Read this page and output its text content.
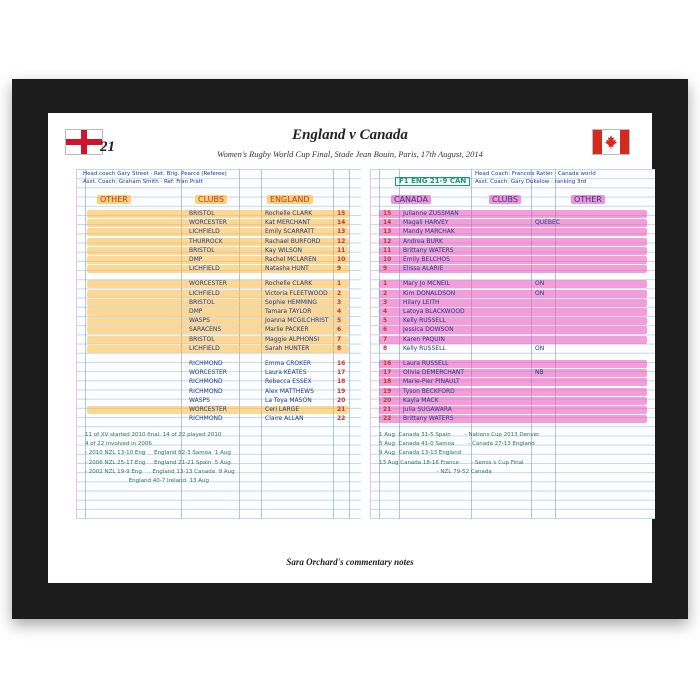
21
England v Canada
Women's Rugby World Cup Final, Stade Jean Bouin, Paris, 17th August, 2014
Head coach Gary Street · Ret. Brig. Pearce (Referee)
Asst. Coach: Graham Smith · Ref: Fran Pratt
OTHER	CLUBS	ENGLAND
BRISTOL	Rochelle CLARK	15
WORCESTER	Kat MERCHANT	14
LICHFIELD	Emily SCARRATT	13
THURROCK	Rachael BURFORD	12
BRISTOL	Kay WILSON	11
DMP	Rachel MCLAREN	10
LICHFIELD	Natasha HUNT	9
WORCESTER	Rochelle CLARK	1
LICHFIELD	Victoria FLEETWOOD 2
BRISTOL	Sophie HEMMING	3
DMP	Tamara TAYLOR	4
WASPS	Joanna MCGILCHRIST 5
SARACENS	Marlie PACKER	6
BRISTOL	Maggie ALPHONSI	7
LICHFIELD	Sarah HUNTER	8
RICHMOND	Emma CROKER	16
WORCESTER	Laura KEATES	17
RICHMOND	Rebecca ESSEX	18
RICHMOND	Alex MATTHEWS	19
WASPS	La Toya MASON	20
WORCESTER	Ceri LARGE	21
RICHMOND	Claire ALLAN	22
11 of XV started 2010 final. 14 of 22 played 2010
4 of 22 involved in 2006
- 2010 NZL 13-10 Eng     England 82-3 Samoa  1 Aug
- 2006 NZL 25-17 Eng     England 21-21 Spain  5 Aug
- 2002 NZL 19-9 Eng      England 13-13 Canada  9 Aug
England 40-7 Ireland  13 Aug
Head Coach: Francois Ratier · Canada world
Asst. Coach: Gary Dukelow · ranking 3rd
F1 ENG 21-9 CAN
CANADA	CLUBS	OTHER
15 Julianne ZUSSMAN
14 Magali HARVEY	QUEBEC
13 Mandy MARCHAK
12 Andrea BURK
11 Brittany WATERS
10 Emily BELCHOS
9	Elissa ALARIE
1	Mary Jo MCNEIL	ON
2	Kim DONALDSON	ON
3	Hilary LEITH
4	Latoya BLACKWOOD
5	Kelly RUSSELL
6	Jessica DOWSON
7	Karen PAQUIN
8	Kelly RUSSELL	ON
16 Laura RUSSELL
17 Olivia DEMERCHANT	NB
18 Marie-Pier PINAULT
19 Tyson BECKFORD
20 Kayla MACK
21 Julia SUGAWARA
22 Brittany WATERS
1 Aug  Canada 31-5 Spain        - Nations Cup 2013 Denver
5 Aug  Canada 41-0 Samoa        - Canada 27-13 England
9 Aug  Canada 13-13 England
13 Aug Canada 18-16 France       - Semis v Cup Final
- NZL 79-52 Canada
Sara Orchard's commentary notes
